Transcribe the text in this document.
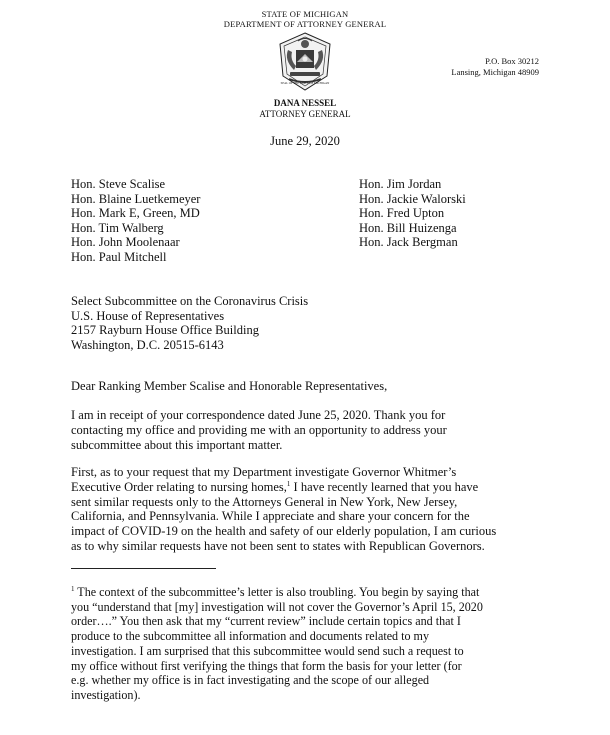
STATE OF MICHIGAN
DEPARTMENT OF ATTORNEY GENERAL
SEAL OF THE STATE OF MICHIGAN
P.O. Box 30212
Lansing, Michigan 48909
DANA NESSEL
ATTORNEY GENERAL
June 29, 2020
Hon. Steve Scalise
Hon. Blaine Luetkemeyer
Hon. Mark E, Green, MD
Hon. Tim Walberg
Hon. John Moolenaar
Hon. Paul Mitchell
Hon. Jim Jordan
Hon. Jackie Walorski
Hon. Fred Upton
Hon. Bill Huizenga
Hon. Jack Bergman
Select Subcommittee on the Coronavirus Crisis
U.S. House of Representatives
2157 Rayburn House Office Building
Washington, D.C. 20515-6143
Dear Ranking Member Scalise and Honorable Representatives,
I am in receipt of your correspondence dated June 25, 2020. Thank you for
contacting my office and providing me with an opportunity to address your
subcommittee about this important matter.
First, as to your request that my Department investigate Governor Whitmer’s
Executive Order relating to nursing homes,$^1$ I have recently learned that you have
sent similar requests only to the Attorneys General in New York, New Jersey,
California, and Pennsylvania. While I appreciate and share your concern for the
impact of COVID-19 on the health and safety of our elderly population, I am curious
as to why similar requests have not been sent to states with Republican Governors.
$^1$ The context of the subcommittee’s letter is also troubling. You begin by saying that
you “understand that [my] investigation will not cover the Governor’s April 15, 2020
order….” You then ask that my “current review” include certain topics and that I
produce to the subcommittee all information and documents related to my
investigation. I am surprised that this subcommittee would send such a request to
my office without first verifying the things that form the basis for your letter (for
e.g. whether my office is in fact investigating and the scope of our alleged
investigation).
